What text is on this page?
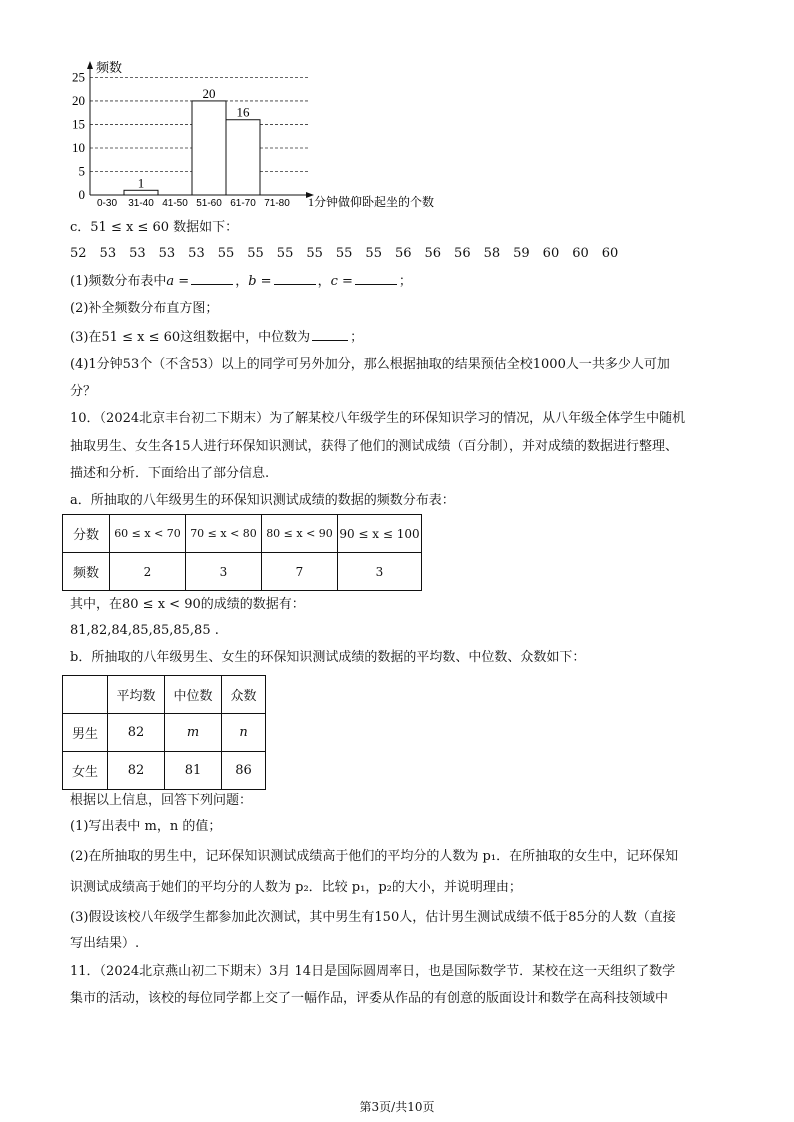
0
5
10
15
20
25
0-30 31-40
1
41-50 51-60
20
61-70
16
71-80
频数
1分钟做仰卧起坐的个数
c．51 ≤ x ≤ 60 数据如下：
52　53　53　53　53　55　55　55　55　55　55　56　56　56　58　59　60　60　60
(1)频数分布表中a =	，b =	，c =	；
(2)补全频数分布直方图；
(3)在51 ≤ x ≤ 60这组数据中，中位数为	；
(4)1分钟53个（不含53）以上的同学可另外加分，那么根据抽取的结果预估全校1000人一共多少人可加
分？
10．（2024北京丰台初二下期末）为了解某校八年级学生的环保知识学习的情况，从八年级全体学生中随机
抽取男生、女生各15人进行环保知识测试，获得了他们的测试成绩（百分制），并对成绩的数据进行整理、
描述和分析．下面给出了部分信息.
a．所抽取的八年级男生的环保知识测试成绩的数据的频数分布表：
分数	60 ≤ x < 70	70 ≤ x < 80	80 ≤ x < 90	90 ≤ x ≤ 100
频数	2	3	7	3
其中，在80 ≤ x < 90的成绩的数据有：
81,82,84,85,85,85,85 .
b．所抽取的八年级男生、女生的环保知识测试成绩的数据的平均数、中位数、众数如下：
	平均数	中位数	众数
男生	82	m	n
女生	82	81	86
根据以上信息，回答下列问题：
(1)写出表中 m，n 的值；
(2)在所抽取的男生中，记环保知识测试成绩高于他们的平均分的人数为 p₁．在所抽取的女生中，记环保知
识测试成绩高于她们的平均分的人数为 p₂．比较 p₁，p₂的大小，并说明理由；
(3)假设该校八年级学生都参加此次测试，其中男生有150人，估计男生测试成绩不低于85分的人数（直接
写出结果）.
11．（2024北京燕山初二下期末）3月 14日是国际圆周率日，也是国际数学节．某校在这一天组织了数学
集市的活动，该校的每位同学都上交了一幅作品，评委从作品的有创意的版面设计和数学在高科技领域中
第3页/共10页
